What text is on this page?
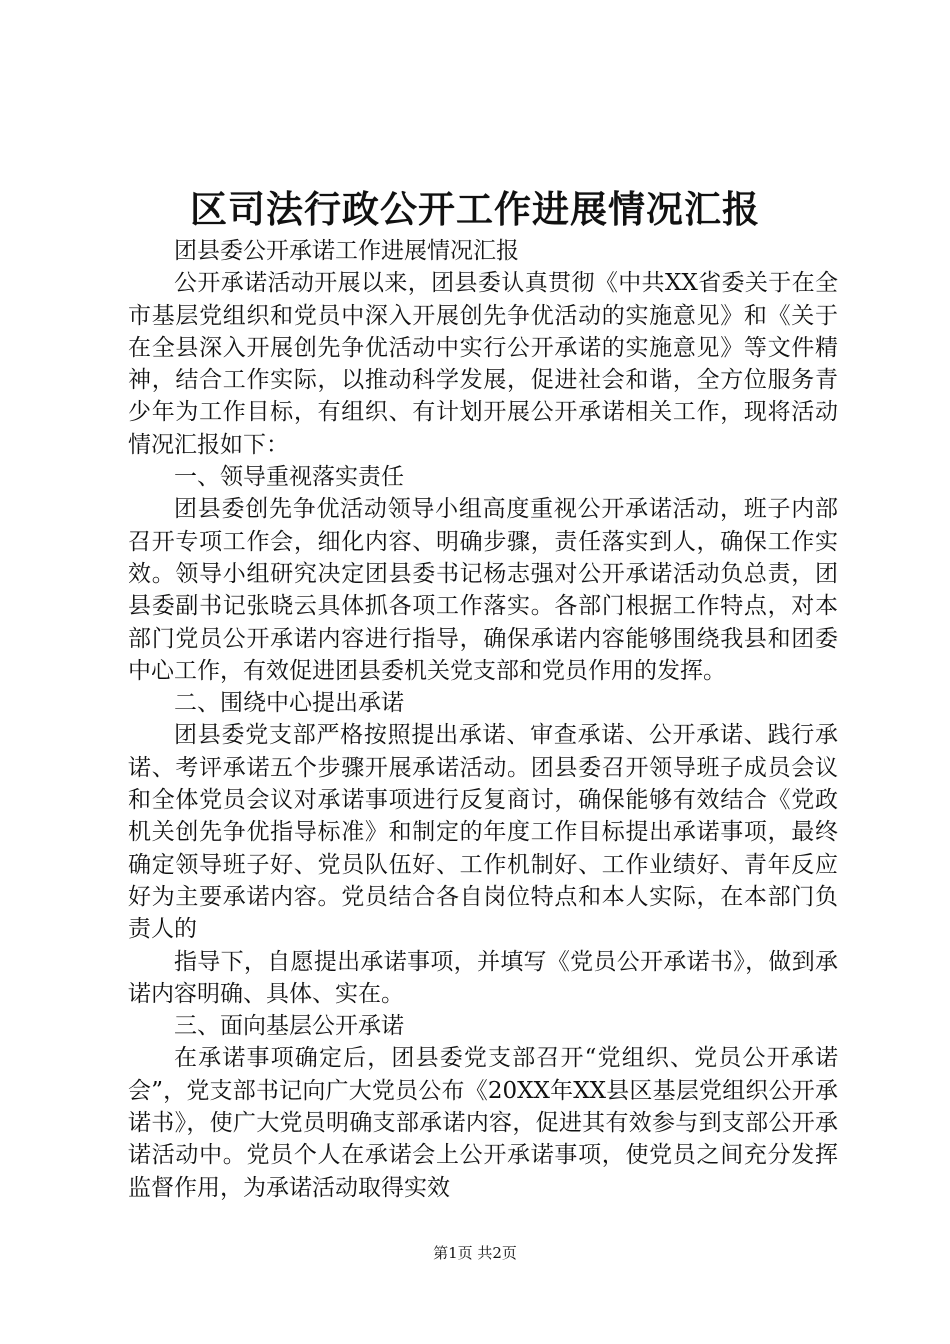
区司法行政公开工作进展情况汇报

团县委公开承诺工作进展情况汇报

公开承诺活动开展以来，团县委认真贯彻《中共XX省委关于在全市基层党组织和党员中深入开展创先争优活动的实施意见》和《关于在全县深入开展创先争优活动中实行公开承诺的实施意见》等文件精神，结合工作实际，以推动科学发展，促进社会和谐，全方位服务青少年为工作目标，有组织、有计划开展公开承诺相关工作，现将活动情况汇报如下：

一、领导重视落实责任

团县委创先争优活动领导小组高度重视公开承诺活动，班子内部召开专项工作会，细化内容、明确步骤，责任落实到人，确保工作实效。领导小组研究决定团县委书记杨志强对公开承诺活动负总责，团县委副书记张晓云具体抓各项工作落实。各部门根据工作特点，对本部门党员公开承诺内容进行指导，确保承诺内容能够围绕我县和团委中心工作，有效促进团县委机关党支部和党员作用的发挥。

二、围绕中心提出承诺

团县委党支部严格按照提出承诺、审查承诺、公开承诺、践行承诺、考评承诺五个步骤开展承诺活动。团县委召开领导班子成员会议和全体党员会议对承诺事项进行反复商讨，确保能够有效结合《党政机关创先争优指导标准》和制定的年度工作目标提出承诺事项，最终确定领导班子好、党员队伍好、工作机制好、工作业绩好、青年反应好为主要承诺内容。党员结合各自岗位特点和本人实际，在本部门负责人的

指导下，自愿提出承诺事项，并填写《党员公开承诺书》，做到承诺内容明确、具体、实在。

三、面向基层公开承诺

在承诺事项确定后，团县委党支部召开“党组织、党员公开承诺会”，党支部书记向广大党员公布《20XX年XX县区基层党组织公开承诺书》，使广大党员明确支部承诺内容，促进其有效参与到支部公开承诺活动中。党员个人在承诺会上公开承诺事项，使党员之间充分发挥监督作用，为承诺活动取得实效

第1页 共2页
